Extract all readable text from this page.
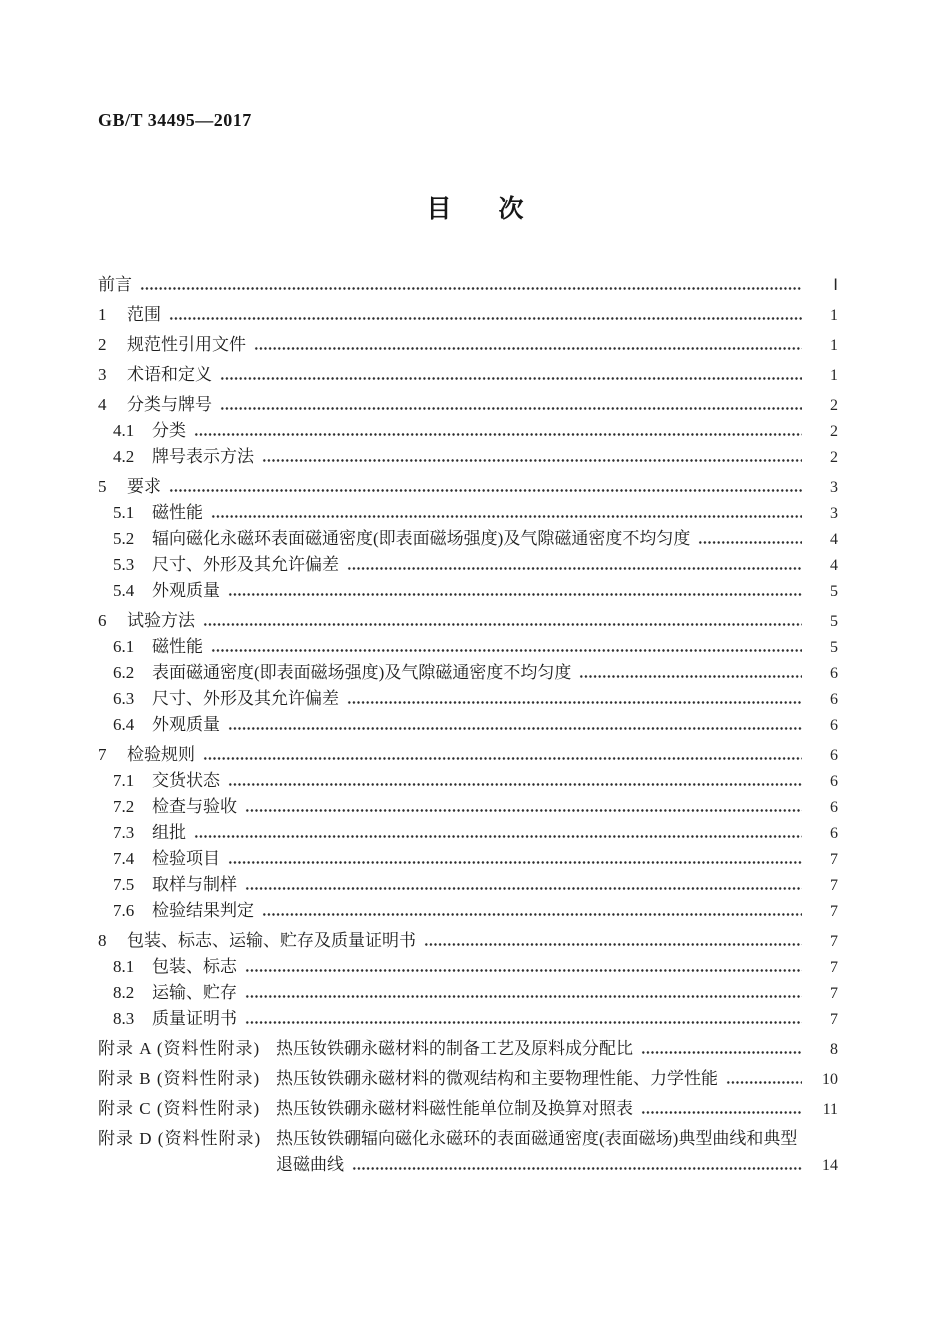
GB/T 34495—2017
目 次
前言	Ⅰ
1	范围	1
2	规范性引用文件	1
3	术语和定义	1
4	分类与牌号	2
4.1	分类	2
4.2	牌号表示方法	2
5	要求	3
5.1	磁性能	3
5.2	辐向磁化永磁环表面磁通密度(即表面磁场强度)及气隙磁通密度不均匀度	4
5.3	尺寸、外形及其允许偏差	4
5.4	外观质量	5
6	试验方法	5
6.1	磁性能	5
6.2	表面磁通密度(即表面磁场强度)及气隙磁通密度不均匀度	6
6.3	尺寸、外形及其允许偏差	6
6.4	外观质量	6
7	检验规则	6
7.1	交货状态	6
7.2	检查与验收	6
7.3	组批	6
7.4	检验项目	7
7.5	取样与制样	7
7.6	检验结果判定	7
8	包装、标志、运输、贮存及质量证明书	7
8.1	包装、标志	7
8.2	运输、贮存	7
8.3	质量证明书	7
附录 A (资料性附录) 热压钕铁硼永磁材料的制备工艺及原料成分配比	8
附录 B (资料性附录) 热压钕铁硼永磁材料的微观结构和主要物理性能、力学性能	10
附录 C (资料性附录) 热压钕铁硼永磁材料磁性能单位制及换算对照表	11
附录 D (资料性附录) 热压钕铁硼辐向磁化永磁环的表面磁通密度(表面磁场)典型曲线和典型
退磁曲线	14
